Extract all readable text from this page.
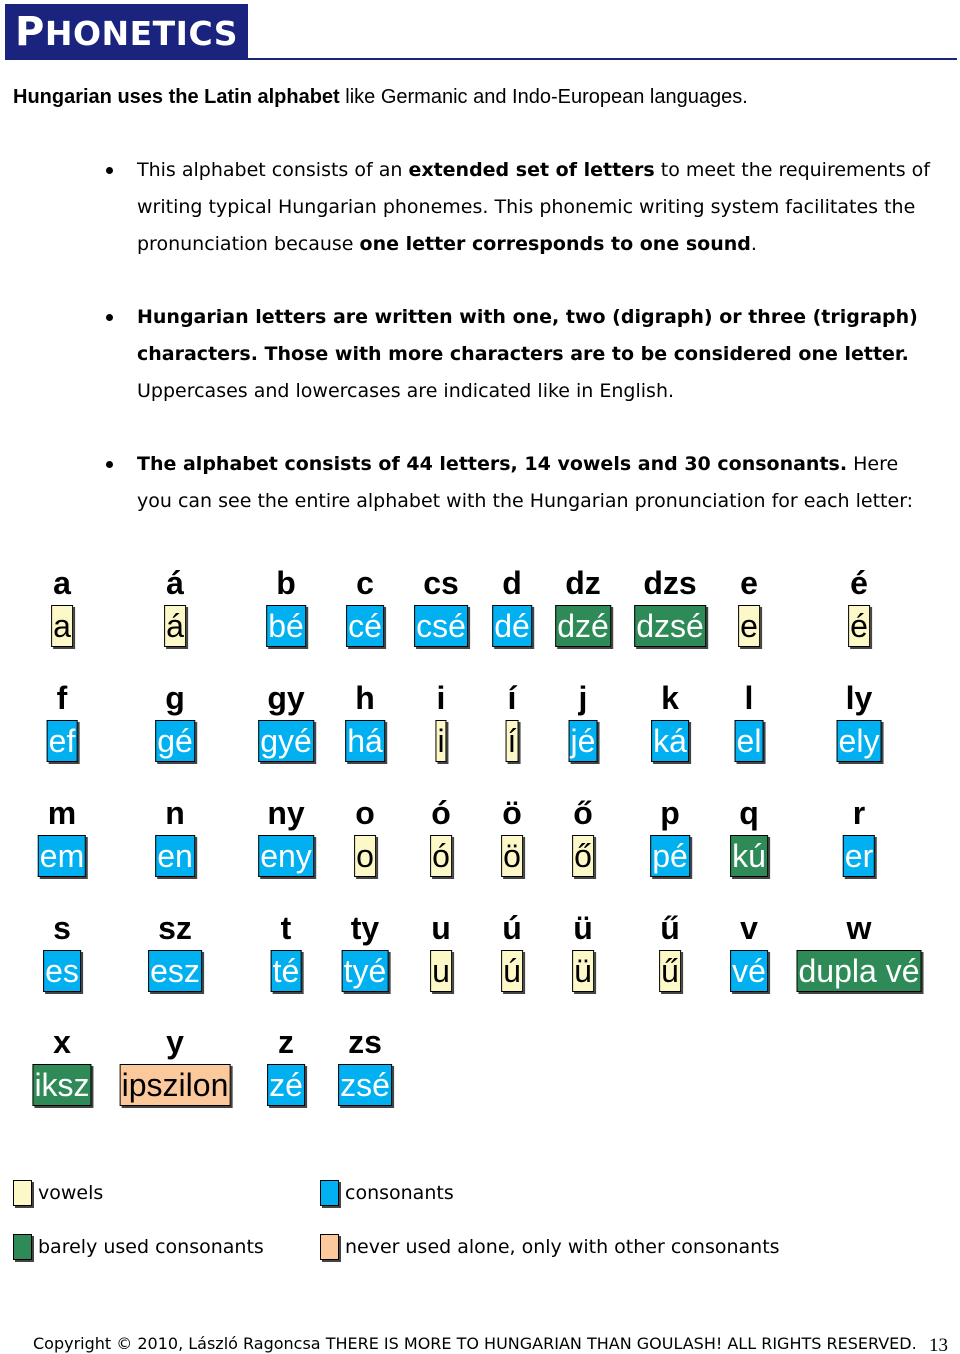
PHONETICS
Hungarian uses the Latin alphabet like Germanic and Indo-European languages.
This alphabet consists of an extended set of letters to meet the requirements of writing typical Hungarian phonemes. This phonemic writing system facilitates the pronunciation because one letter corresponds to one sound.
Hungarian letters are written with one, two (digraph) or three (trigraph) characters. Those with more characters are to be considered one letter. Uppercases and lowercases are indicated like in English.
The alphabet consists of 44 letters, 14 vowels and 30 consonants. Here you can see the entire alphabet with the Hungarian pronunciation for each letter:
a
a
á
á
b
bé
c
cé
cs
csé
d
dé
dz
dzé
dzs
dzsé
e
e
é
é
f
ef
g
gé
gy
gyé
h
há
i
i
í
í
j
jé
k
ká
l
el
ly
ely
m
em
n
en
ny
eny
o
o
ó
ó
ö
ö
ő
ő
p
pé
q
kú
r
er
s
es
sz
esz
t
té
ty
tyé
u
u
ú
ú
ü
ü
ű
ű
v
vé
w
dupla vé
x
iksz
y
ipszilon
z
zé
zs
zsé
vowels	consonants
barely used consonants	never used alone, only with other consonants
Copyright © 2010, László Ragoncsa THERE IS MORE TO HUNGARIAN THAN GOULASH! ALL RIGHTS RESERVED. 13
